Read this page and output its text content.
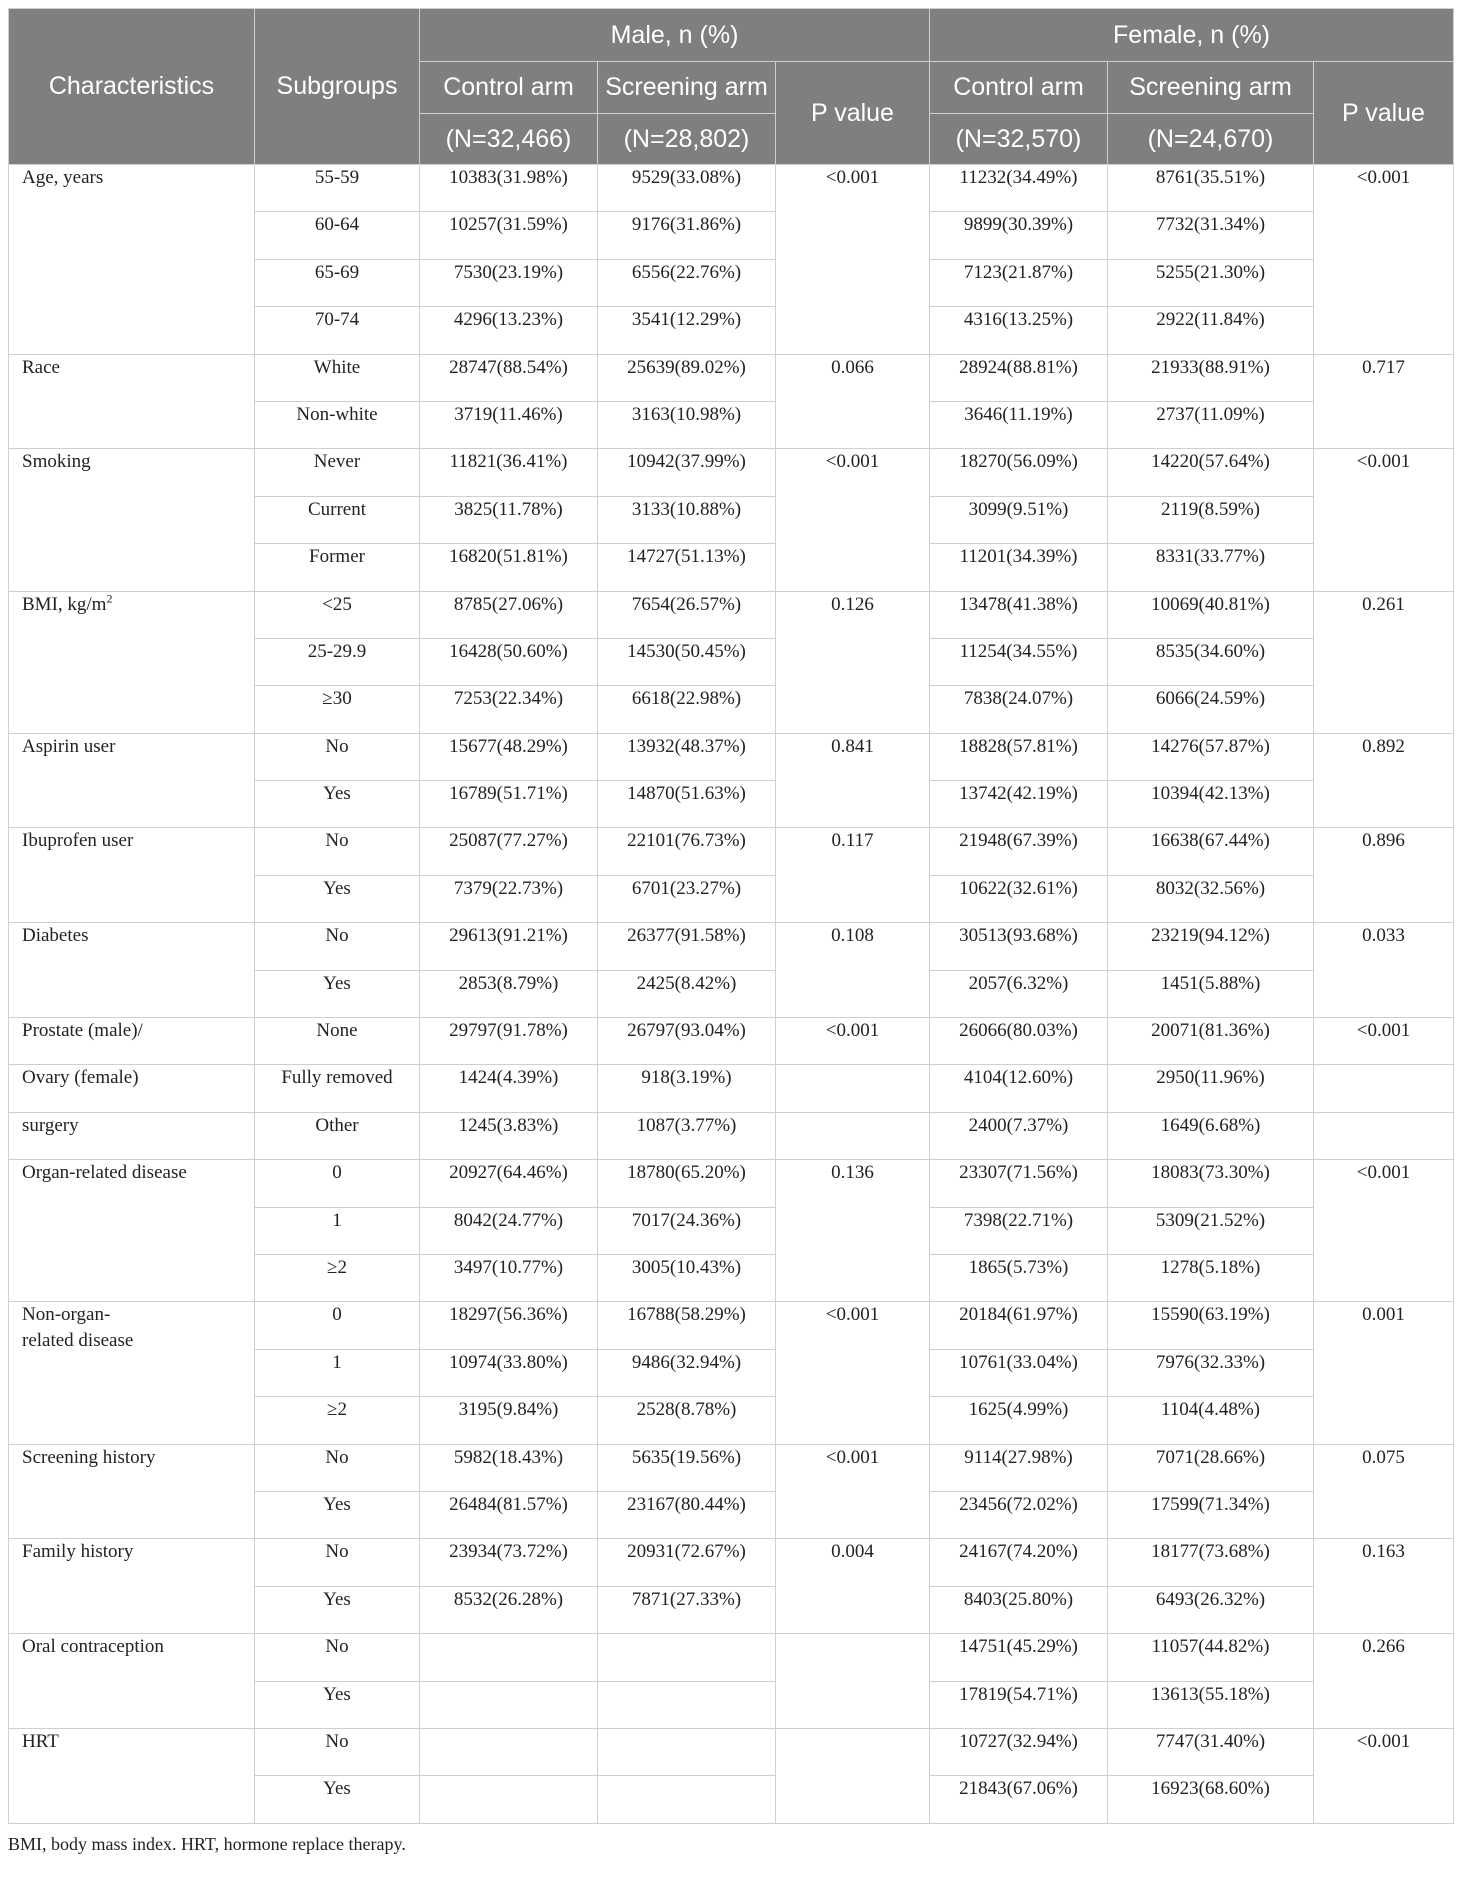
Characteristics	Subgroups	Male, n (%)			Female, n (%)		
		Control arm	Screening arm	P value	Control arm	Screening arm	P value
		(N=32,466)	(N=28,802)		(N=32,570)	(N=24,670)	
Age, years	55-59	10383(31.98%)	9529(33.08%)	<0.001	11232(34.49%)	8761(35.51%)	<0.001
	60-64	10257(31.59%)	9176(31.86%)		9899(30.39%)	7732(31.34%)	
	65-69	7530(23.19%)	6556(22.76%)		7123(21.87%)	5255(21.30%)	
	70-74	4296(13.23%)	3541(12.29%)		4316(13.25%)	2922(11.84%)	
Race	White	28747(88.54%)	25639(89.02%)	0.066	28924(88.81%)	21933(88.91%)	0.717
	Non-white	3719(11.46%)	3163(10.98%)		3646(11.19%)	2737(11.09%)	
Smoking	Never	11821(36.41%)	10942(37.99%)	<0.001	18270(56.09%)	14220(57.64%)	<0.001
	Current	3825(11.78%)	3133(10.88%)		3099(9.51%)	2119(8.59%)	
	Former	16820(51.81%)	14727(51.13%)		11201(34.39%)	8331(33.77%)	
BMI, $kg/m^2$	<25	8785(27.06%)	7654(26.57%)	0.126	13478(41.38%)	10069(40.81%)	0.261
	25-29.9	16428(50.60%)	14530(50.45%)		11254(34.55%)	8535(34.60%)	
	≥30	7253(22.34%)	6618(22.98%)		7838(24.07%)	6066(24.59%)	
Aspirin user	No	15677(48.29%)	13932(48.37%)	0.841	18828(57.81%)	14276(57.87%)	0.892
	Yes	16789(51.71%)	14870(51.63%)		13742(42.19%)	10394(42.13%)	
Ibuprofen user	No	25087(77.27%)	22101(76.73%)	0.117	21948(67.39%)	16638(67.44%)	0.896
	Yes	7379(22.73%)	6701(23.27%)		10622(32.61%)	8032(32.56%)	
Diabetes	No	29613(91.21%)	26377(91.58%)	0.108	30513(93.68%)	23219(94.12%)	0.033
	Yes	2853(8.79%)	2425(8.42%)		2057(6.32%)	1451(5.88%)	
Prostate (male)/	None	29797(91.78%)	26797(93.04%)	<0.001	26066(80.03%)	20071(81.36%)	<0.001
Ovary (female)	Fully removed	1424(4.39%)	918(3.19%)		4104(12.60%)	2950(11.96%)	
surgery	Other	1245(3.83%)	1087(3.77%)		2400(7.37%)	1649(6.68%)	
Organ-related disease	0	20927(64.46%)	18780(65.20%)	0.136	23307(71.56%)	18083(73.30%)	<0.001
	1	8042(24.77%)	7017(24.36%)		7398(22.71%)	5309(21.52%)	
	≥2	3497(10.77%)	3005(10.43%)		1865(5.73%)	1278(5.18%)	
Non-organ-
related disease	0	18297(56.36%)	16788(58.29%)	<0.001	20184(61.97%)	15590(63.19%)	0.001
	1	10974(33.80%)	9486(32.94%)		10761(33.04%)	7976(32.33%)	
	≥2	3195(9.84%)	2528(8.78%)		1625(4.99%)	1104(4.48%)	
Screening history	No	5982(18.43%)	5635(19.56%)	<0.001	9114(27.98%)	7071(28.66%)	0.075
	Yes	26484(81.57%)	23167(80.44%)		23456(72.02%)	17599(71.34%)	
Family history	No	23934(73.72%)	20931(72.67%)	0.004	24167(74.20%)	18177(73.68%)	0.163
	Yes	8532(26.28%)	7871(27.33%)		8403(25.80%)	6493(26.32%)	
Oral contraception	No				14751(45.29%)	11057(44.82%)	0.266
	Yes				17819(54.71%)	13613(55.18%)	
HRT	No				10727(32.94%)	7747(31.40%)	<0.001
	Yes				21843(67.06%)	16923(68.60%)	
BMI, body mass index. HRT, hormone replace therapy.
